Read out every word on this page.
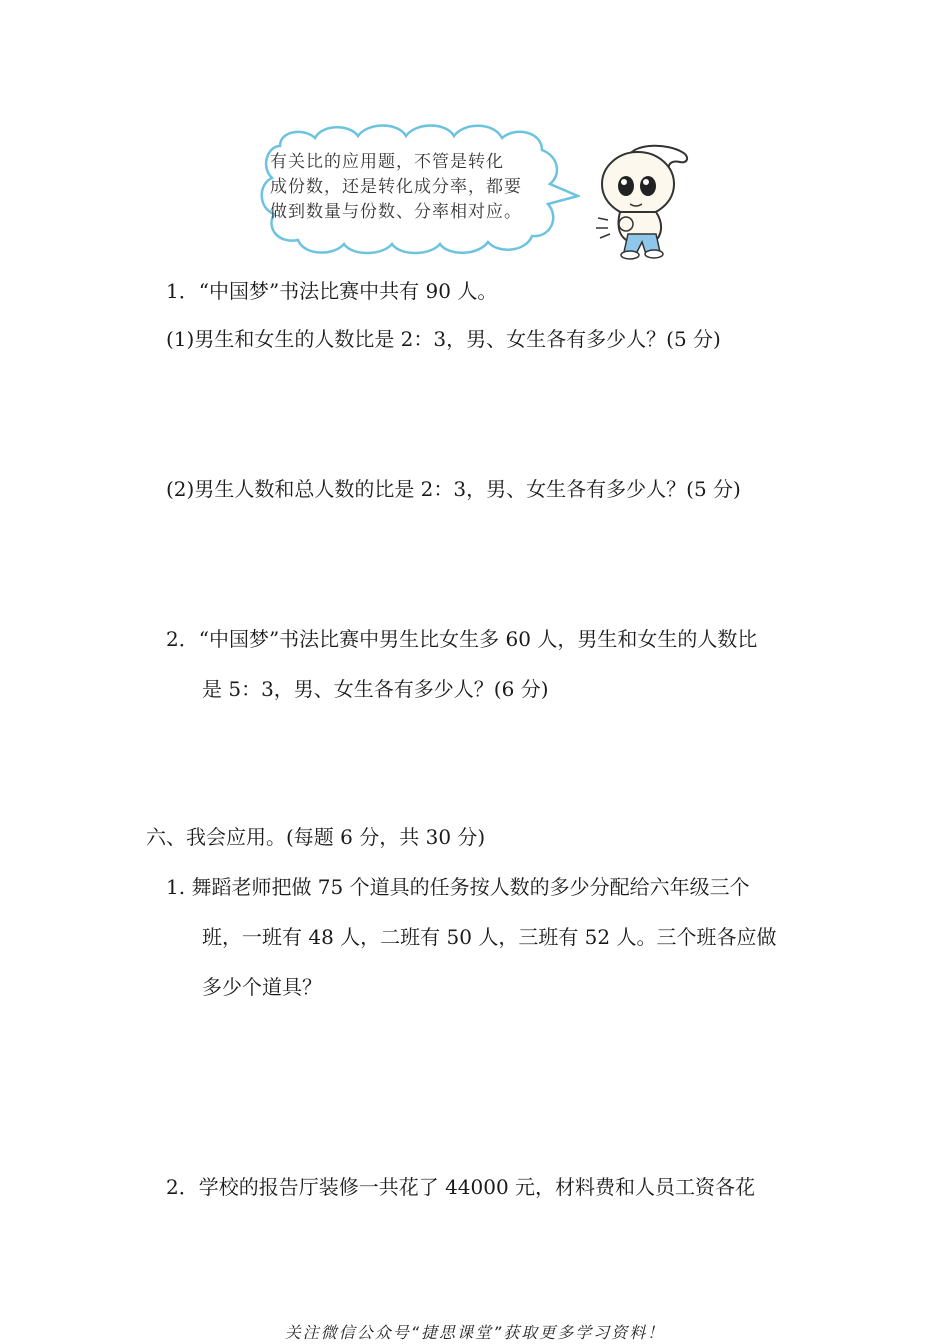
有关比的应用题，不管是转化
成份数，还是转化成分率，都要
做到数量与份数、分率相对应。
1．“中国梦”书法比赛中共有 90 人。
(1)男生和女生的人数比是 2：3，男、女生各有多少人？(5 分)
(2)男生人数和总人数的比是 2：3，男、女生各有多少人？(5 分)
2．“中国梦”书法比赛中男生比女生多 60 人，男生和女生的人数比
是 5：3，男、女生各有多少人？(6 分)
六、我会应用。(每题 6 分，共 30 分)
1. 舞蹈老师把做 75 个道具的任务按人数的多少分配给六年级三个
班，一班有 48 人，二班有 50 人，三班有 52 人。三个班各应做
多少个道具？
2．学校的报告厅装修一共花了 44000 元，材料费和人员工资各花
关注微信公众号“捷思课堂”获取更多学习资料！
